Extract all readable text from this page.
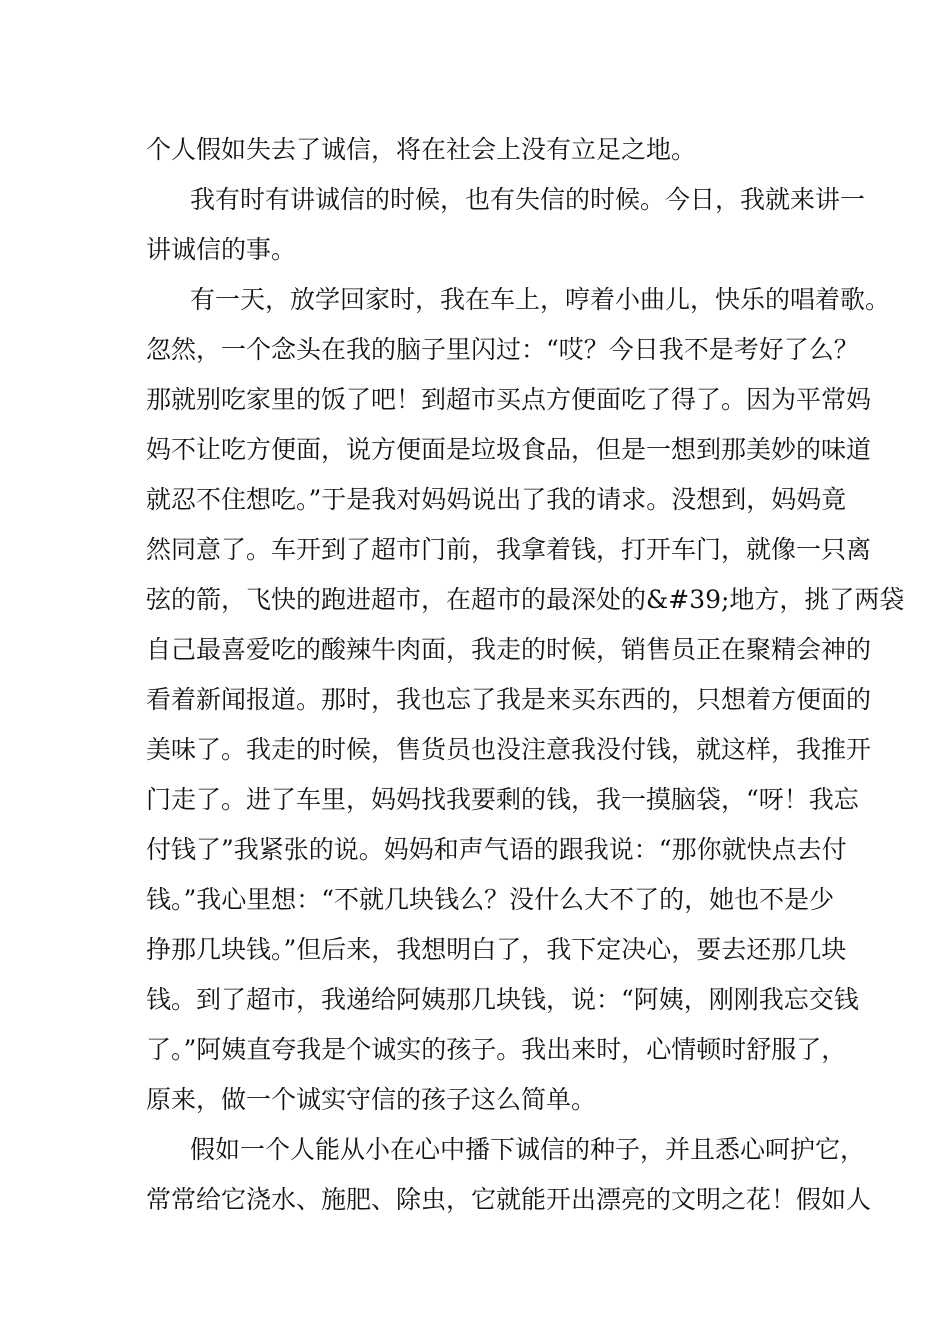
个人假如失去了诚信，将在社会上没有立足之地。
我有时有讲诚信的时候，也有失信的时候。今日，我就来讲一
讲诚信的事。
有一天，放学回家时，我在车上，哼着小曲儿，快乐的唱着歌。
忽然，一个念头在我的脑子里闪过：“哎？今日我不是考好了么？
那就别吃家里的饭了吧！到超市买点方便面吃了得了。因为平常妈
妈不让吃方便面，说方便面是垃圾食品，但是一想到那美妙的味道
就忍不住想吃。”于是我对妈妈说出了我的请求。没想到，妈妈竟
然同意了。车开到了超市门前，我拿着钱，打开车门，就像一只离
弦的箭，飞快的跑进超市，在超市的最深处的&#39;地方，挑了两袋
自己最喜爱吃的酸辣牛肉面，我走的时候，销售员正在聚精会神的
看着新闻报道。那时，我也忘了我是来买东西的，只想着方便面的
美味了。我走的时候，售货员也没注意我没付钱，就这样，我推开
门走了。进了车里，妈妈找我要剩的钱，我一摸脑袋，“呀！我忘
付钱了”我紧张的说。妈妈和声气语的跟我说：“那你就快点去付
钱。”我心里想：“不就几块钱么？没什么大不了的，她也不是少
挣那几块钱。”但后来，我想明白了，我下定决心，要去还那几块
钱。到了超市，我递给阿姨那几块钱，说：“阿姨，刚刚我忘交钱
了。”阿姨直夸我是个诚实的孩子。我出来时，心情顿时舒服了，
原来，做一个诚实守信的孩子这么简单。
假如一个人能从小在心中播下诚信的种子，并且悉心呵护它，
常常给它浇水、施肥、除虫，它就能开出漂亮的文明之花！假如人
